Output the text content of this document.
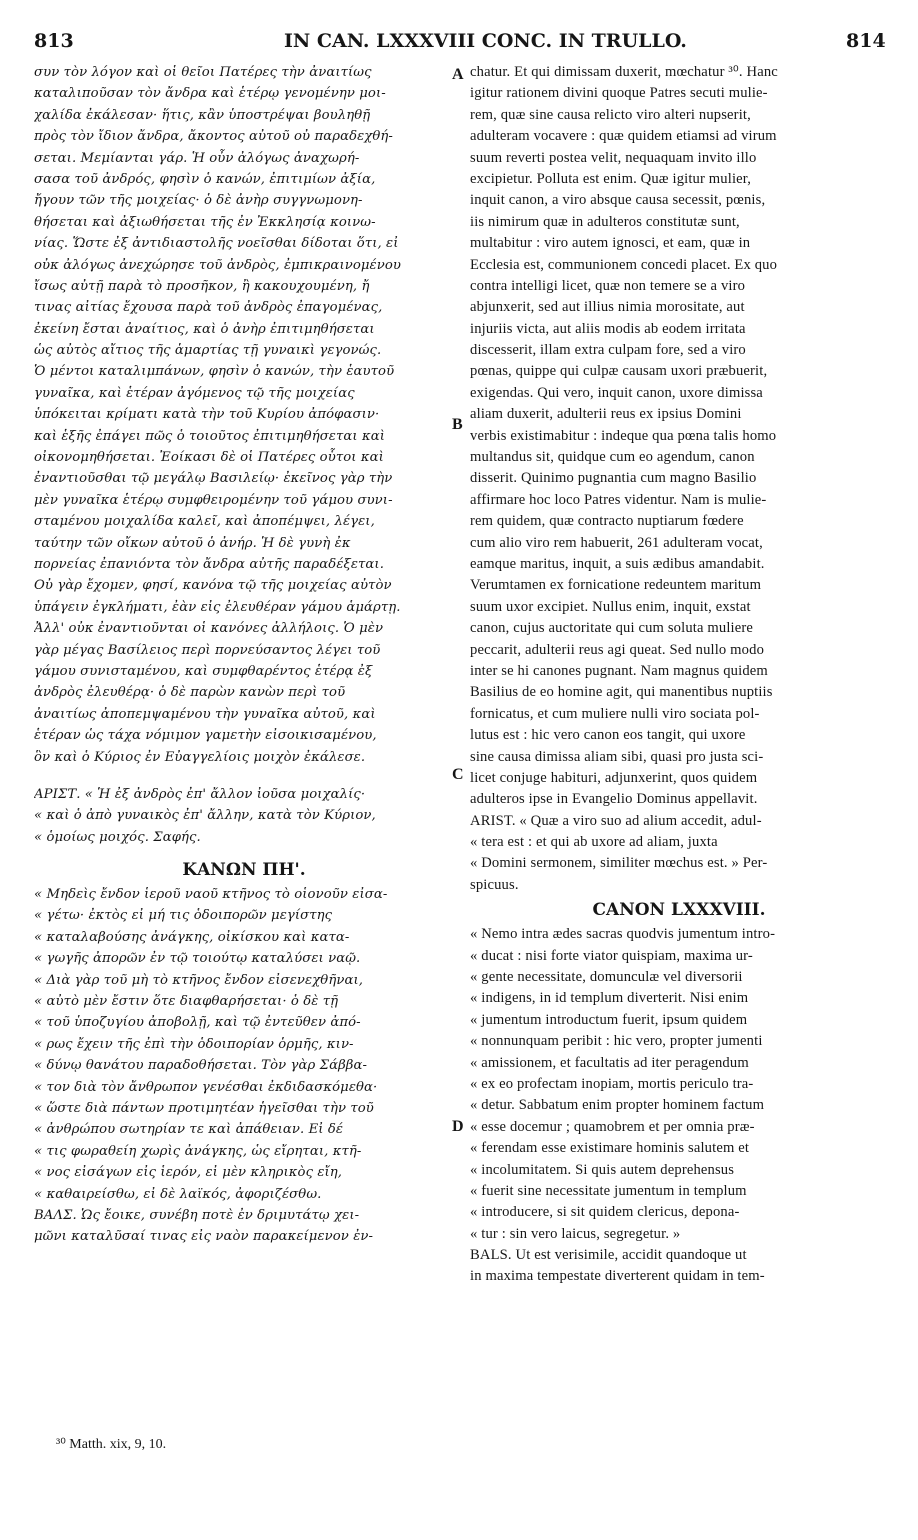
813	IN CAN. LXXXVIII CONC. IN TRULLO.	814
A
B
C
D
συν τὸν λόγον καὶ οἱ θεῖοι Πατέρες τὴν ἀναιτίως
καταλιποῦσαν τὸν ἄνδρα καὶ ἑτέρῳ γενομένην μοι-
χαλίδα ἐκάλεσαν· ἥτις, κἂν ὑποστρέψαι βουληθῇ
πρὸς τὸν ἴδιον ἄνδρα, ἄκοντος αὐτοῦ οὐ παραδεχθή-
σεται. Μεμίανται γάρ. Ἡ οὖν ἀλόγως ἀναχωρή-
σασα τοῦ ἀνδρός, φησὶν ὁ κανών, ἐπιτιμίων ἀξία,
ἤγουν τῶν τῆς μοιχείας· ὁ δὲ ἀνὴρ συγγνωμονη-
θήσεται καὶ ἀξιωθήσεται τῆς ἐν Ἐκκλησίᾳ κοινω-
νίας. Ὥστε ἐξ ἀντιδιαστολῆς νοεῖσθαι δίδοται ὅτι, εἰ
οὐκ ἀλόγως ἀνεχώρησε τοῦ ἀνδρὸς, ἐμπικραινομένου
ἴσως αὐτῇ παρὰ τὸ προσῆκον, ἢ κακουχουμένη, ἤ
τινας αἰτίας ἔχουσα παρὰ τοῦ ἀνδρὸς ἐπαγομένας,
ἐκείνη ἔσται ἀναίτιος, καὶ ὁ ἀνὴρ ἐπιτιμηθήσεται
ὡς αὐτὸς αἴτιος τῆς ἁμαρτίας τῇ γυναικὶ γεγονώς.
Ὁ μέντοι καταλιμπάνων, φησὶν ὁ κανών, τὴν ἑαυτοῦ
γυναῖκα, καὶ ἑτέραν ἀγόμενος τῷ τῆς μοιχείας
ὑπόκειται κρίματι κατὰ τὴν τοῦ Κυρίου ἀπόφασιν·
καὶ ἑξῆς ἐπάγει πῶς ὁ τοιοῦτος ἐπιτιμηθήσεται καὶ
οἰκονομηθήσεται. Ἐοίκασι δὲ οἱ Πατέρες οὗτοι καὶ
ἐναντιοῦσθαι τῷ μεγάλῳ Βασιλείῳ· ἐκεῖνος γὰρ τὴν
μὲν γυναῖκα ἑτέρῳ συμφθειρομένην τοῦ γάμου συνι-
σταμένου μοιχαλίδα καλεῖ, καὶ ἀποπέμψει, λέγει,
ταύτην τῶν οἴκων αὐτοῦ ὁ ἀνήρ. Ἡ δὲ γυνὴ ἐκ
πορνείας ἐπανιόντα τὸν ἄνδρα αὐτῆς παραδέξεται.
Οὐ γὰρ ἔχομεν, φησί, κανόνα τῷ τῆς μοιχείας αὐτὸν
ὑπάγειν ἐγκλήματι, ἐὰν εἰς ἐλευθέραν γάμου ἁμάρτῃ.
Ἀλλ' οὐκ ἐναντιοῦνται οἱ κανόνες ἀλλήλοις. Ὁ μὲν
γὰρ μέγας Βασίλειος περὶ πορνεύσαντος λέγει τοῦ
γάμου συνισταμένου, καὶ συμφθαρέντος ἑτέρᾳ ἐξ
ἀνδρὸς ἐλευθέρᾳ· ὁ δὲ παρὼν κανὼν περὶ τοῦ
ἀναιτίως ἀποπεμψαμένου τὴν γυναῖκα αὐτοῦ, καὶ
ἑτέραν ὡς τάχα νόμιμον γαμετὴν εἰσοικισαμένου,
ὃν καὶ ὁ Κύριος ἐν Εὐαγγελίοις μοιχὸν ἐκάλεσε.
ΑΡΙΣΤ. « Ἡ ἐξ ἀνδρὸς ἐπ' ἄλλον ἰοῦσα μοιχαλίς·
« καὶ ὁ ἀπὸ γυναικὸς ἐπ' ἄλλην, κατὰ τὸν Κύριον,
« ὁμοίως μοιχός. Σαφής.
ΚΑΝΩΝ ΠΗ'.
« Μηδεὶς ἔνδον ἱεροῦ ναοῦ κτῆνος τὸ οἱονοῦν εἰσα-
« γέτω· ἐκτὸς εἰ μή τις ὁδοιπορῶν μεγίστης
« καταλαβούσης ἀνάγκης, οἰκίσκου καὶ κατα-
« γωγῆς ἀπορῶν ἐν τῷ τοιούτῳ καταλύσει ναῷ.
« Διὰ γὰρ τοῦ μὴ τὸ κτῆνος ἔνδον εἰσενεχθῆναι,
« αὐτὸ μὲν ἔστιν ὅτε διαφθαρήσεται· ὁ δὲ τῇ
« τοῦ ὑποζυγίου ἀποβολῇ, καὶ τῷ ἐντεῦθεν ἀπό-
« ρως ἔχειν τῆς ἐπὶ τὴν ὁδοιπορίαν ὁρμῆς, κιν-
« δύνῳ θανάτου παραδοθήσεται. Τὸν γὰρ Σάββα-
« τον διὰ τὸν ἄνθρωπον γενέσθαι ἐκδιδασκόμεθα·
« ὥστε διὰ πάντων προτιμητέαν ἡγεῖσθαι τὴν τοῦ
« ἀνθρώπου σωτηρίαν τε καὶ ἀπάθειαν. Εἰ δέ
« τις φωραθείη χωρὶς ἀνάγκης, ὡς εἴρηται, κτῆ-
« νος εἰσάγων εἰς ἱερόν, εἰ μὲν κληρικὸς εἴη,
« καθαιρείσθω, εἰ δὲ λαϊκός, ἀφοριζέσθω.
ΒΑΛΣ. Ὡς ἔοικε, συνέβη ποτὲ ἐν δριμυτάτῳ χει-
μῶνι καταλῦσαί τινας εἰς ναὸν παρακείμενον ἐν-
chatur. Et qui dimissam duxerit, mœchatur ³⁰. Hanc
igitur rationem divini quoque Patres secuti mulie-
rem, quæ sine causa relicto viro alteri nupserit,
adulteram vocavere : quæ quidem etiamsi ad virum
suum reverti postea velit, nequaquam invito illo
excipietur. Polluta est enim. Quæ igitur mulier,
inquit canon, a viro absque causa secessit, pœnis,
iis nimirum quæ in adulteros constitutæ sunt,
multabitur : viro autem ignosci, et eam, quæ in
Ecclesia est, communionem concedi placet. Ex quo
contra intelligi licet, quæ non temere se a viro
abjunxerit, sed aut illius nimia morositate, aut
injuriis victa, aut aliis modis ab eodem irritata
discesserit, illam extra culpam fore, sed a viro
pœnas, quippe qui culpæ causam uxori præbuerit,
exigendas. Qui vero, inquit canon, uxore dimissa
aliam duxerit, adulterii reus ex ipsius Domini
verbis existimabitur : indeque qua pœna talis homo
multandus sit, quidque cum eo agendum, canon
disserit. Quinimo pugnantia cum magno Basilio
affirmare hoc loco Patres videntur. Nam is mulie-
rem quidem, quæ contracto nuptiarum fœdere
cum alio viro rem habuerit, 261 adulteram vocat,
eamque maritus, inquit, a suis ædibus amandabit.
Verumtamen ex fornicatione redeuntem maritum
suum uxor excipiet. Nullus enim, inquit, exstat
canon, cujus auctoritate qui cum soluta muliere
peccarit, adulterii reus agi queat. Sed nullo modo
inter se hi canones pugnant. Nam magnus quidem
Basilius de eo homine agit, qui manentibus nuptiis
fornicatus, et cum muliere nulli viro sociata pol-
lutus est : hic vero canon eos tangit, qui uxore
sine causa dimissa aliam sibi, quasi pro justa sci-
licet conjuge habituri, adjunxerint, quos quidem
adulteros ipse in Evangelio Dominus appellavit.
ARIST. « Quæ a viro suo ad alium accedit, adul-
« tera est : et qui ab uxore ad aliam, juxta
« Domini sermonem, similiter mœchus est. » Per-
spicuus.
CANON LXXXVIII.
« Nemo intra ædes sacras quodvis jumentum intro-
« ducat : nisi forte viator quispiam, maxima ur-
« gente necessitate, domunculæ vel diversorii
« indigens, in id templum diverterit. Nisi enim
« jumentum introductum fuerit, ipsum quidem
« nonnunquam peribit : hic vero, propter jumenti
« amissionem, et facultatis ad iter peragendum
« ex eo profectam inopiam, mortis periculo tra-
« detur. Sabbatum enim propter hominem factum
« esse docemur ; quamobrem et per omnia præ-
« ferendam esse existimare hominis salutem et
« incolumitatem. Si quis autem deprehensus
« fuerit sine necessitate jumentum in templum
« introducere, si sit quidem clericus, depona-
« tur : sin vero laicus, segregetur. »
BALS. Ut est verisimile, accidit quandoque ut
in maxima tempestate diverterent quidam in tem-
³⁰ Matth. xix, 9, 10.
